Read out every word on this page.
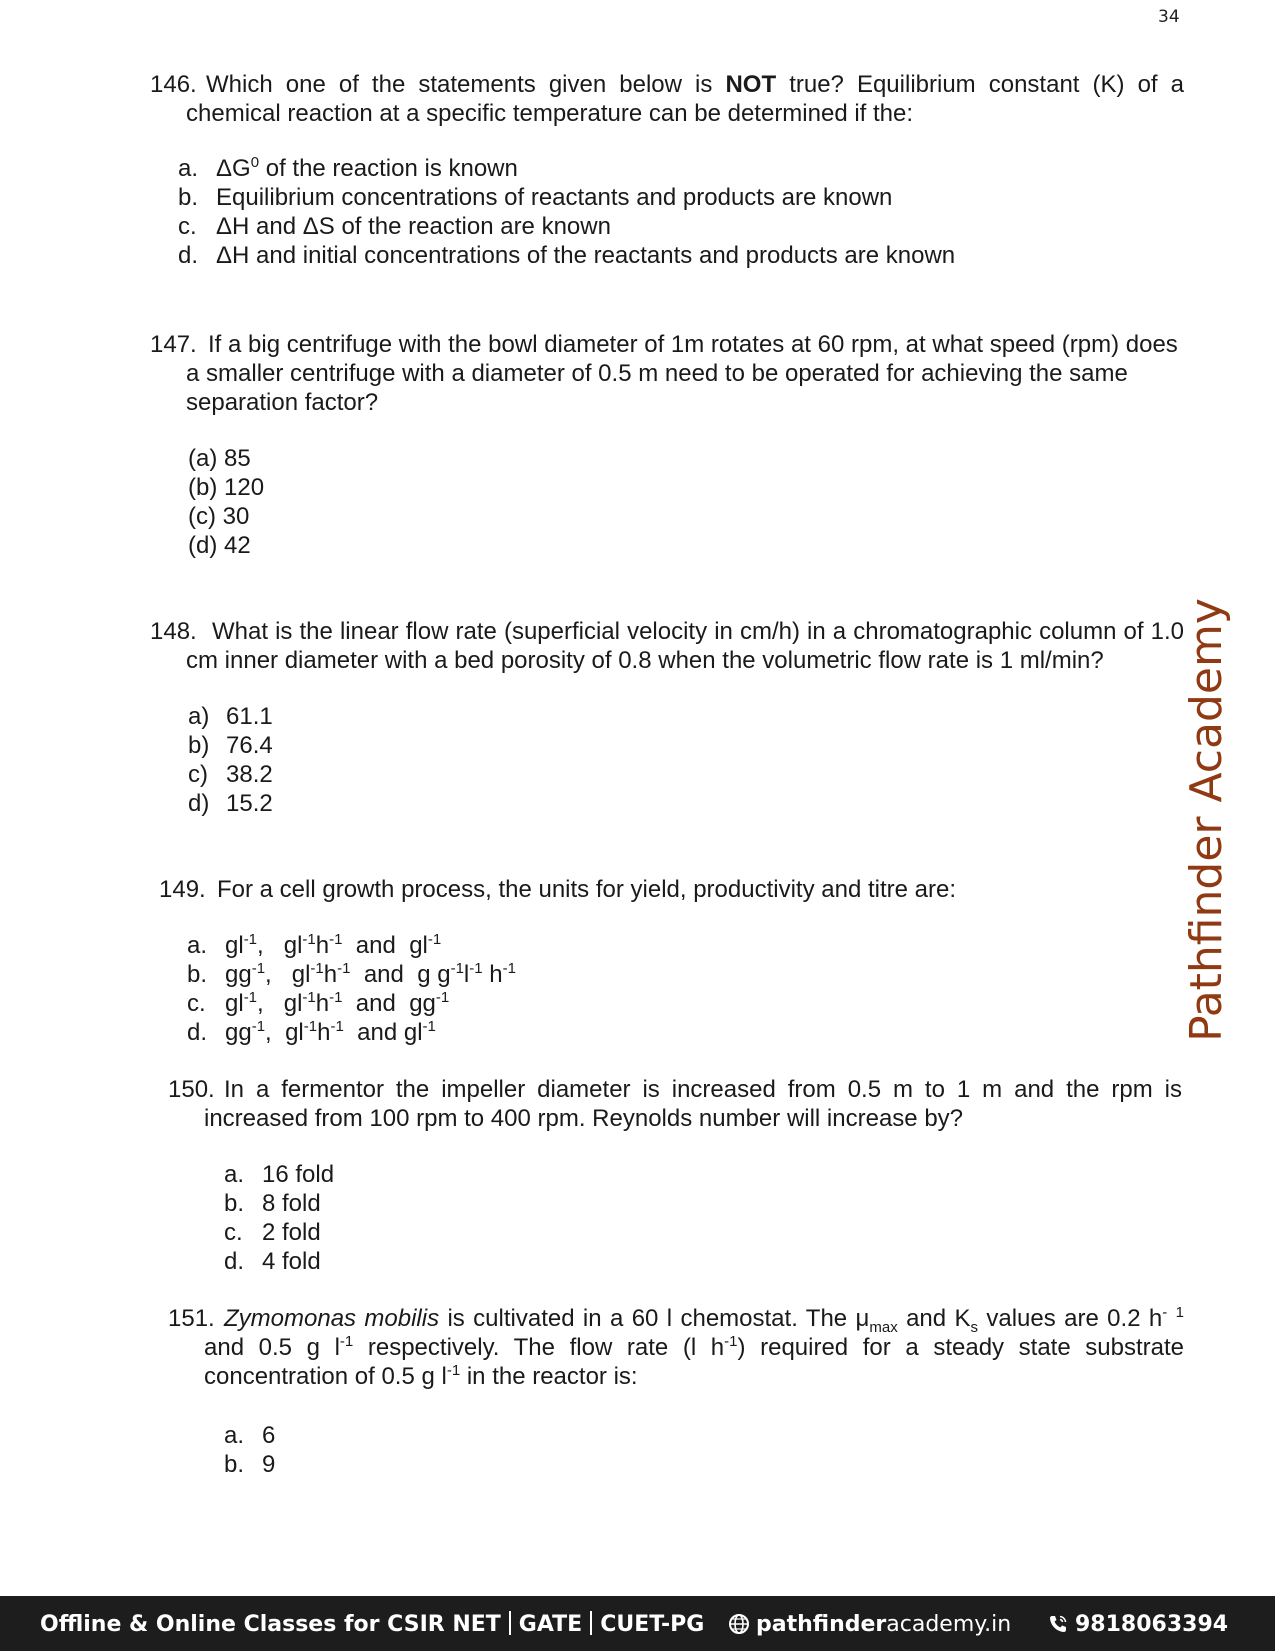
34
Pathfinder Academy

146. Which one of the statements given below is NOT true? Equilibrium constant (K) of a chemical reaction at a specific temperature can be determined if the:

a. $\Delta G^0$ of the reaction is known
b. Equilibrium concentrations of reactants and products are known
c. ΔH and ΔS of the reaction are known
d. ΔH and initial concentrations of the reactants and products are known

147. If a big centrifuge with the bowl diameter of 1m rotates at 60 rpm, at what speed (rpm) does a smaller centrifuge with a diameter of 0.5 m need to be operated for achieving the same separation factor?

(a) 85
(b) 120
(c) 30
(d) 42

148. What is the linear flow rate (superficial velocity in cm/h) in a chromatographic column of 1.0 cm inner diameter with a bed porosity of 0.8 when the volumetric flow rate is 1 ml/min?

a) 61.1
b) 76.4
c) 38.2
d) 15.2

149. For a cell growth process, the units for yield, productivity and titre are:

a. $gl^{-1}$, $gl^{-1}h^{-1}$ and $gl^{-1}$
b. $gg^{-1}$, $gl^{-1}h^{-1}$ and g $g^{-1}l^{-1}$ $h^{-1}$
c. $gl^{-1}$, $gl^{-1}h^{-1}$ and $gg^{-1}$
d. $gg^{-1}$, $gl^{-1}h^{-1}$ and $gl^{-1}$

150. In a fermentor the impeller diameter is increased from 0.5 m to 1 m and the rpm is increased from 100 rpm to 400 rpm. Reynolds number will increase by?

a. 16 fold
b. 8 fold
c. 2 fold
d. 4 fold

151. Zymomonas mobilis is cultivated in a 60 l chemostat. The $\mu_{max}$ and $K_s$ values are 0.2 h- $^1$ and 0.5 g $l^{-1}$ respectively. The flow rate (l $h^{-1}$) required for a steady state substrate concentration of 0.5 g $l^{-1}$ in the reactor is:

a. 6
b. 9
Offline & Online Classes for CSIR NET GATE CUET-PG	pathfinderacademy.in	9818063394
